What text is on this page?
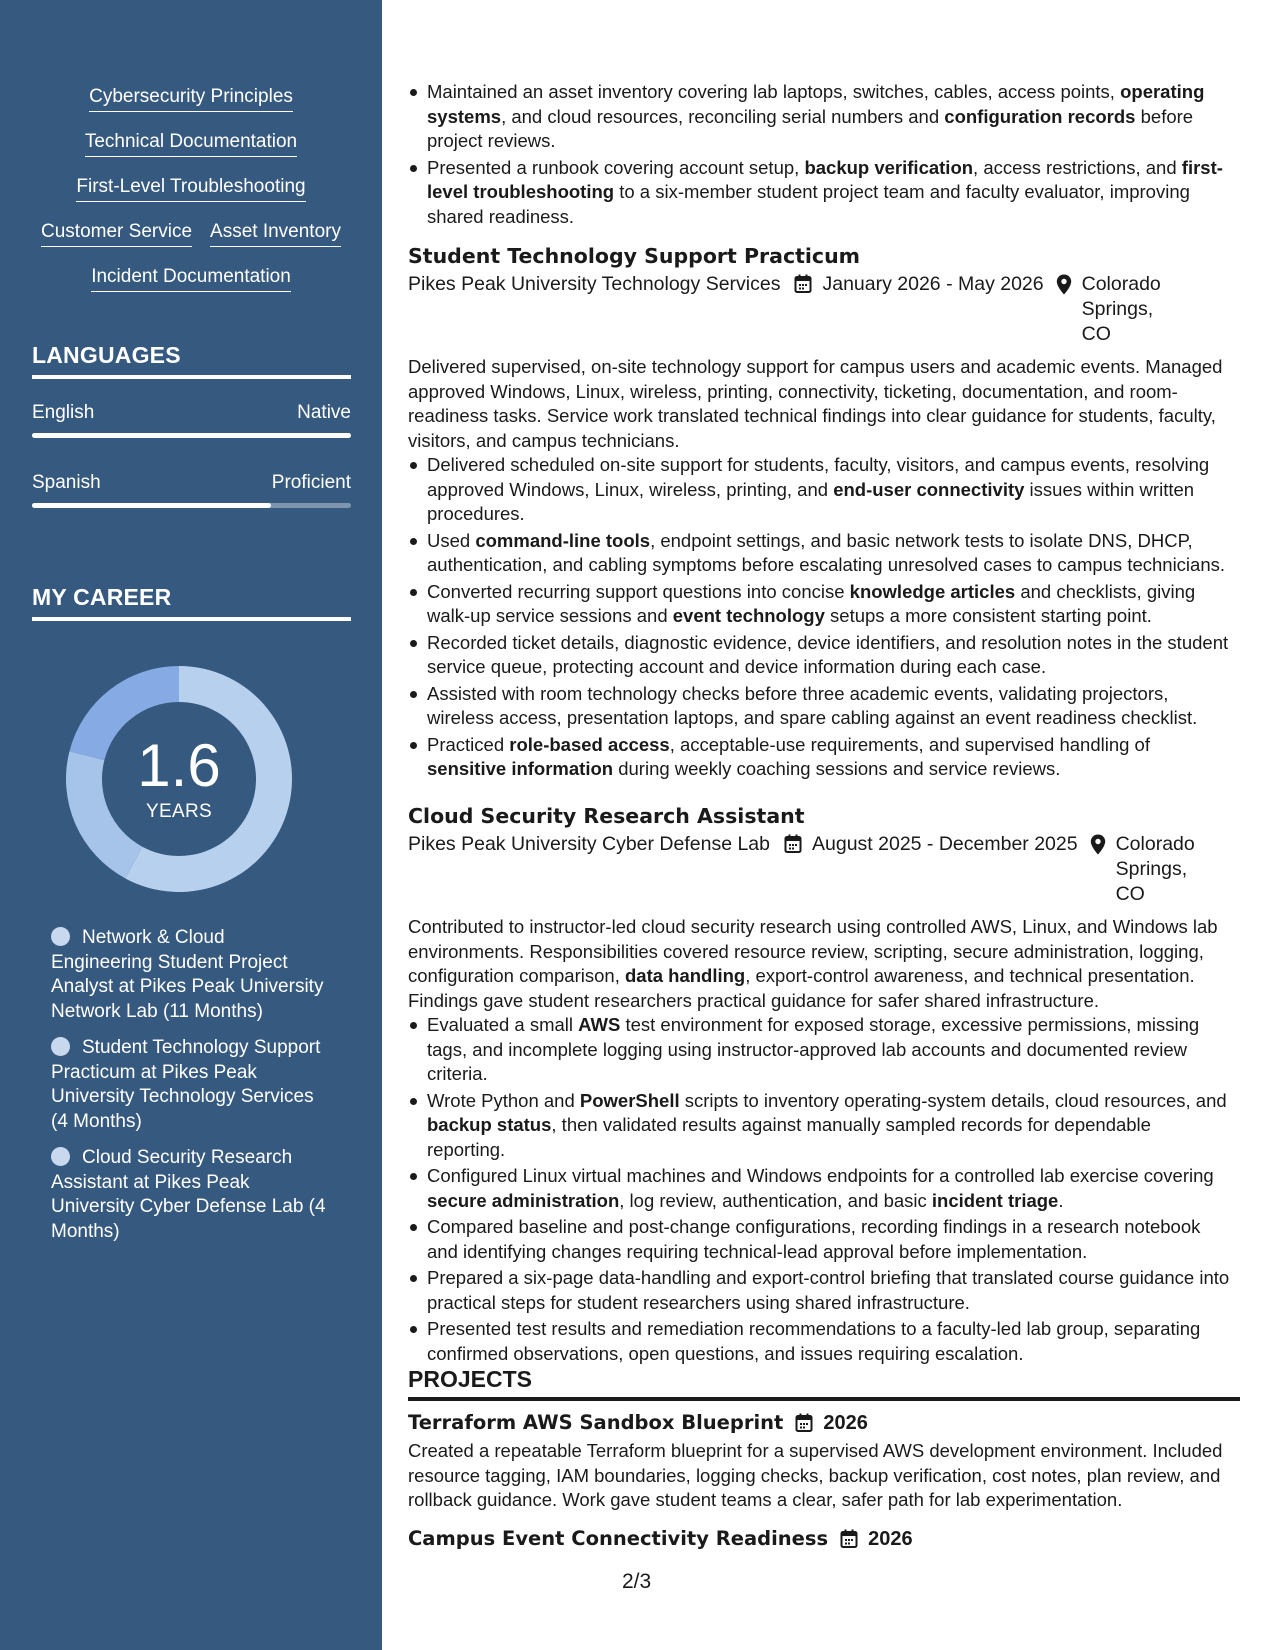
Cybersecurity Principles
Technical Documentation
First-Level Troubleshooting
Customer Service Asset Inventory
Incident Documentation
LANGUAGES
English	Native
Spanish	Proficient
MY CAREER
1.6
YEARS
Network & Cloud Engineering Student Project Analyst at Pikes Peak University Network Lab (11 Months)
Student Technology Support Practicum at Pikes Peak University Technology Services (4 Months)
Cloud Security Research Assistant at Pikes Peak University Cyber Defense Lab (4 Months)
Maintained an asset inventory covering lab laptops, switches, cables, access points, operating systems, and cloud resources, reconciling serial numbers and configuration records before project reviews.
Presented a runbook covering account setup, backup verification, access restrictions, and first-level troubleshooting to a six-member student project team and faculty evaluator, improving shared readiness.
Student Technology Support Practicum
Pikes Peak University Technology Services January 2026 - May 2026 Colorado Springs, CO
Delivered supervised, on-site technology support for campus users and academic events. Managed approved Windows, Linux, wireless, printing, connectivity, ticketing, documentation, and room-readiness tasks. Service work translated technical findings into clear guidance for students, faculty, visitors, and campus technicians.
Delivered scheduled on-site support for students, faculty, visitors, and campus events, resolving approved Windows, Linux, wireless, printing, and end-user connectivity issues within written procedures.
Used command-line tools, endpoint settings, and basic network tests to isolate DNS, DHCP, authentication, and cabling symptoms before escalating unresolved cases to campus technicians.
Converted recurring support questions into concise knowledge articles and checklists, giving walk-up service sessions and event technology setups a more consistent starting point.
Recorded ticket details, diagnostic evidence, device identifiers, and resolution notes in the student service queue, protecting account and device information during each case.
Assisted with room technology checks before three academic events, validating projectors, wireless access, presentation laptops, and spare cabling against an event readiness checklist.
Practiced role-based access, acceptable-use requirements, and supervised handling of sensitive information during weekly coaching sessions and service reviews.
Cloud Security Research Assistant
Pikes Peak University Cyber Defense Lab August 2025 - December 2025 Colorado Springs, CO
Contributed to instructor-led cloud security research using controlled AWS, Linux, and Windows lab environments. Responsibilities covered resource review, scripting, secure administration, logging, configuration comparison, data handling, export-control awareness, and technical presentation. Findings gave student researchers practical guidance for safer shared infrastructure.
Evaluated a small AWS test environment for exposed storage, excessive permissions, missing tags, and incomplete logging using instructor-approved lab accounts and documented review criteria.
Wrote Python and PowerShell scripts to inventory operating-system details, cloud resources, and backup status, then validated results against manually sampled records for dependable reporting.
Configured Linux virtual machines and Windows endpoints for a controlled lab exercise covering secure administration, log review, authentication, and basic incident triage.
Compared baseline and post-change configurations, recording findings in a research notebook and identifying changes requiring technical-lead approval before implementation.
Prepared a six-page data-handling and export-control briefing that translated course guidance into practical steps for student researchers using shared infrastructure.
Presented test results and remediation recommendations to a faculty-led lab group, separating confirmed observations, open questions, and issues requiring escalation.
PROJECTS
Terraform AWS Sandbox Blueprint 2026
Created a repeatable Terraform blueprint for a supervised AWS development environment. Included resource tagging, IAM boundaries, logging checks, backup verification, cost notes, plan review, and rollback guidance. Work gave student teams a clear, safer path for lab experimentation.
Campus Event Connectivity Readiness 2026
2/3
